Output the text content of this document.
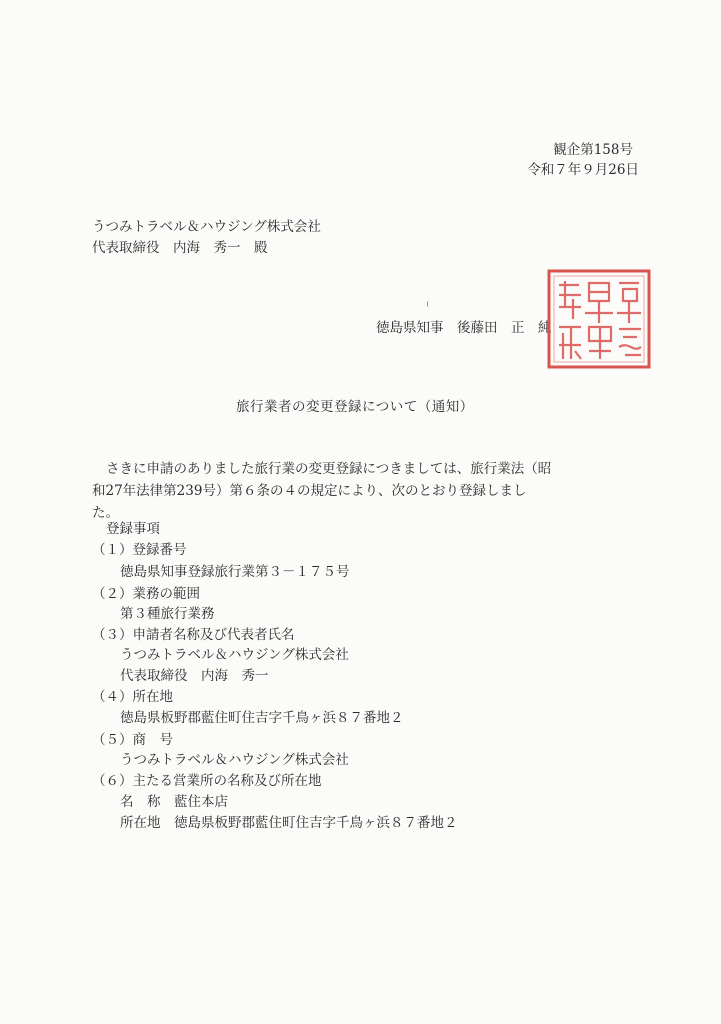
観企第158号
令和７年９月26日
うつみトラベル＆ハウジング株式会社
代表取締役　内海　秀一　殿
徳島県知事　後藤田　正　純
旅行業者の変更登録について（通知）
さきに申請のありました旅行業の変更登録につきましては、旅行業法（昭和27年法律第239号）第６条の４の規定により、次のとおり登録しました。
登録事項
（１）登録番号
徳島県知事登録旅行業第３－１７５号
（２）業務の範囲
第３種旅行業務
（３）申請者名称及び代表者氏名
うつみトラベル＆ハウジング株式会社
代表取締役　内海　秀一
（４）所在地
徳島県板野郡藍住町住吉字千鳥ヶ浜８７番地２
（５）商　号
うつみトラベル＆ハウジング株式会社
（６）主たる営業所の名称及び所在地
名　称　藍住本店
所在地　徳島県板野郡藍住町住吉字千鳥ヶ浜８７番地２
